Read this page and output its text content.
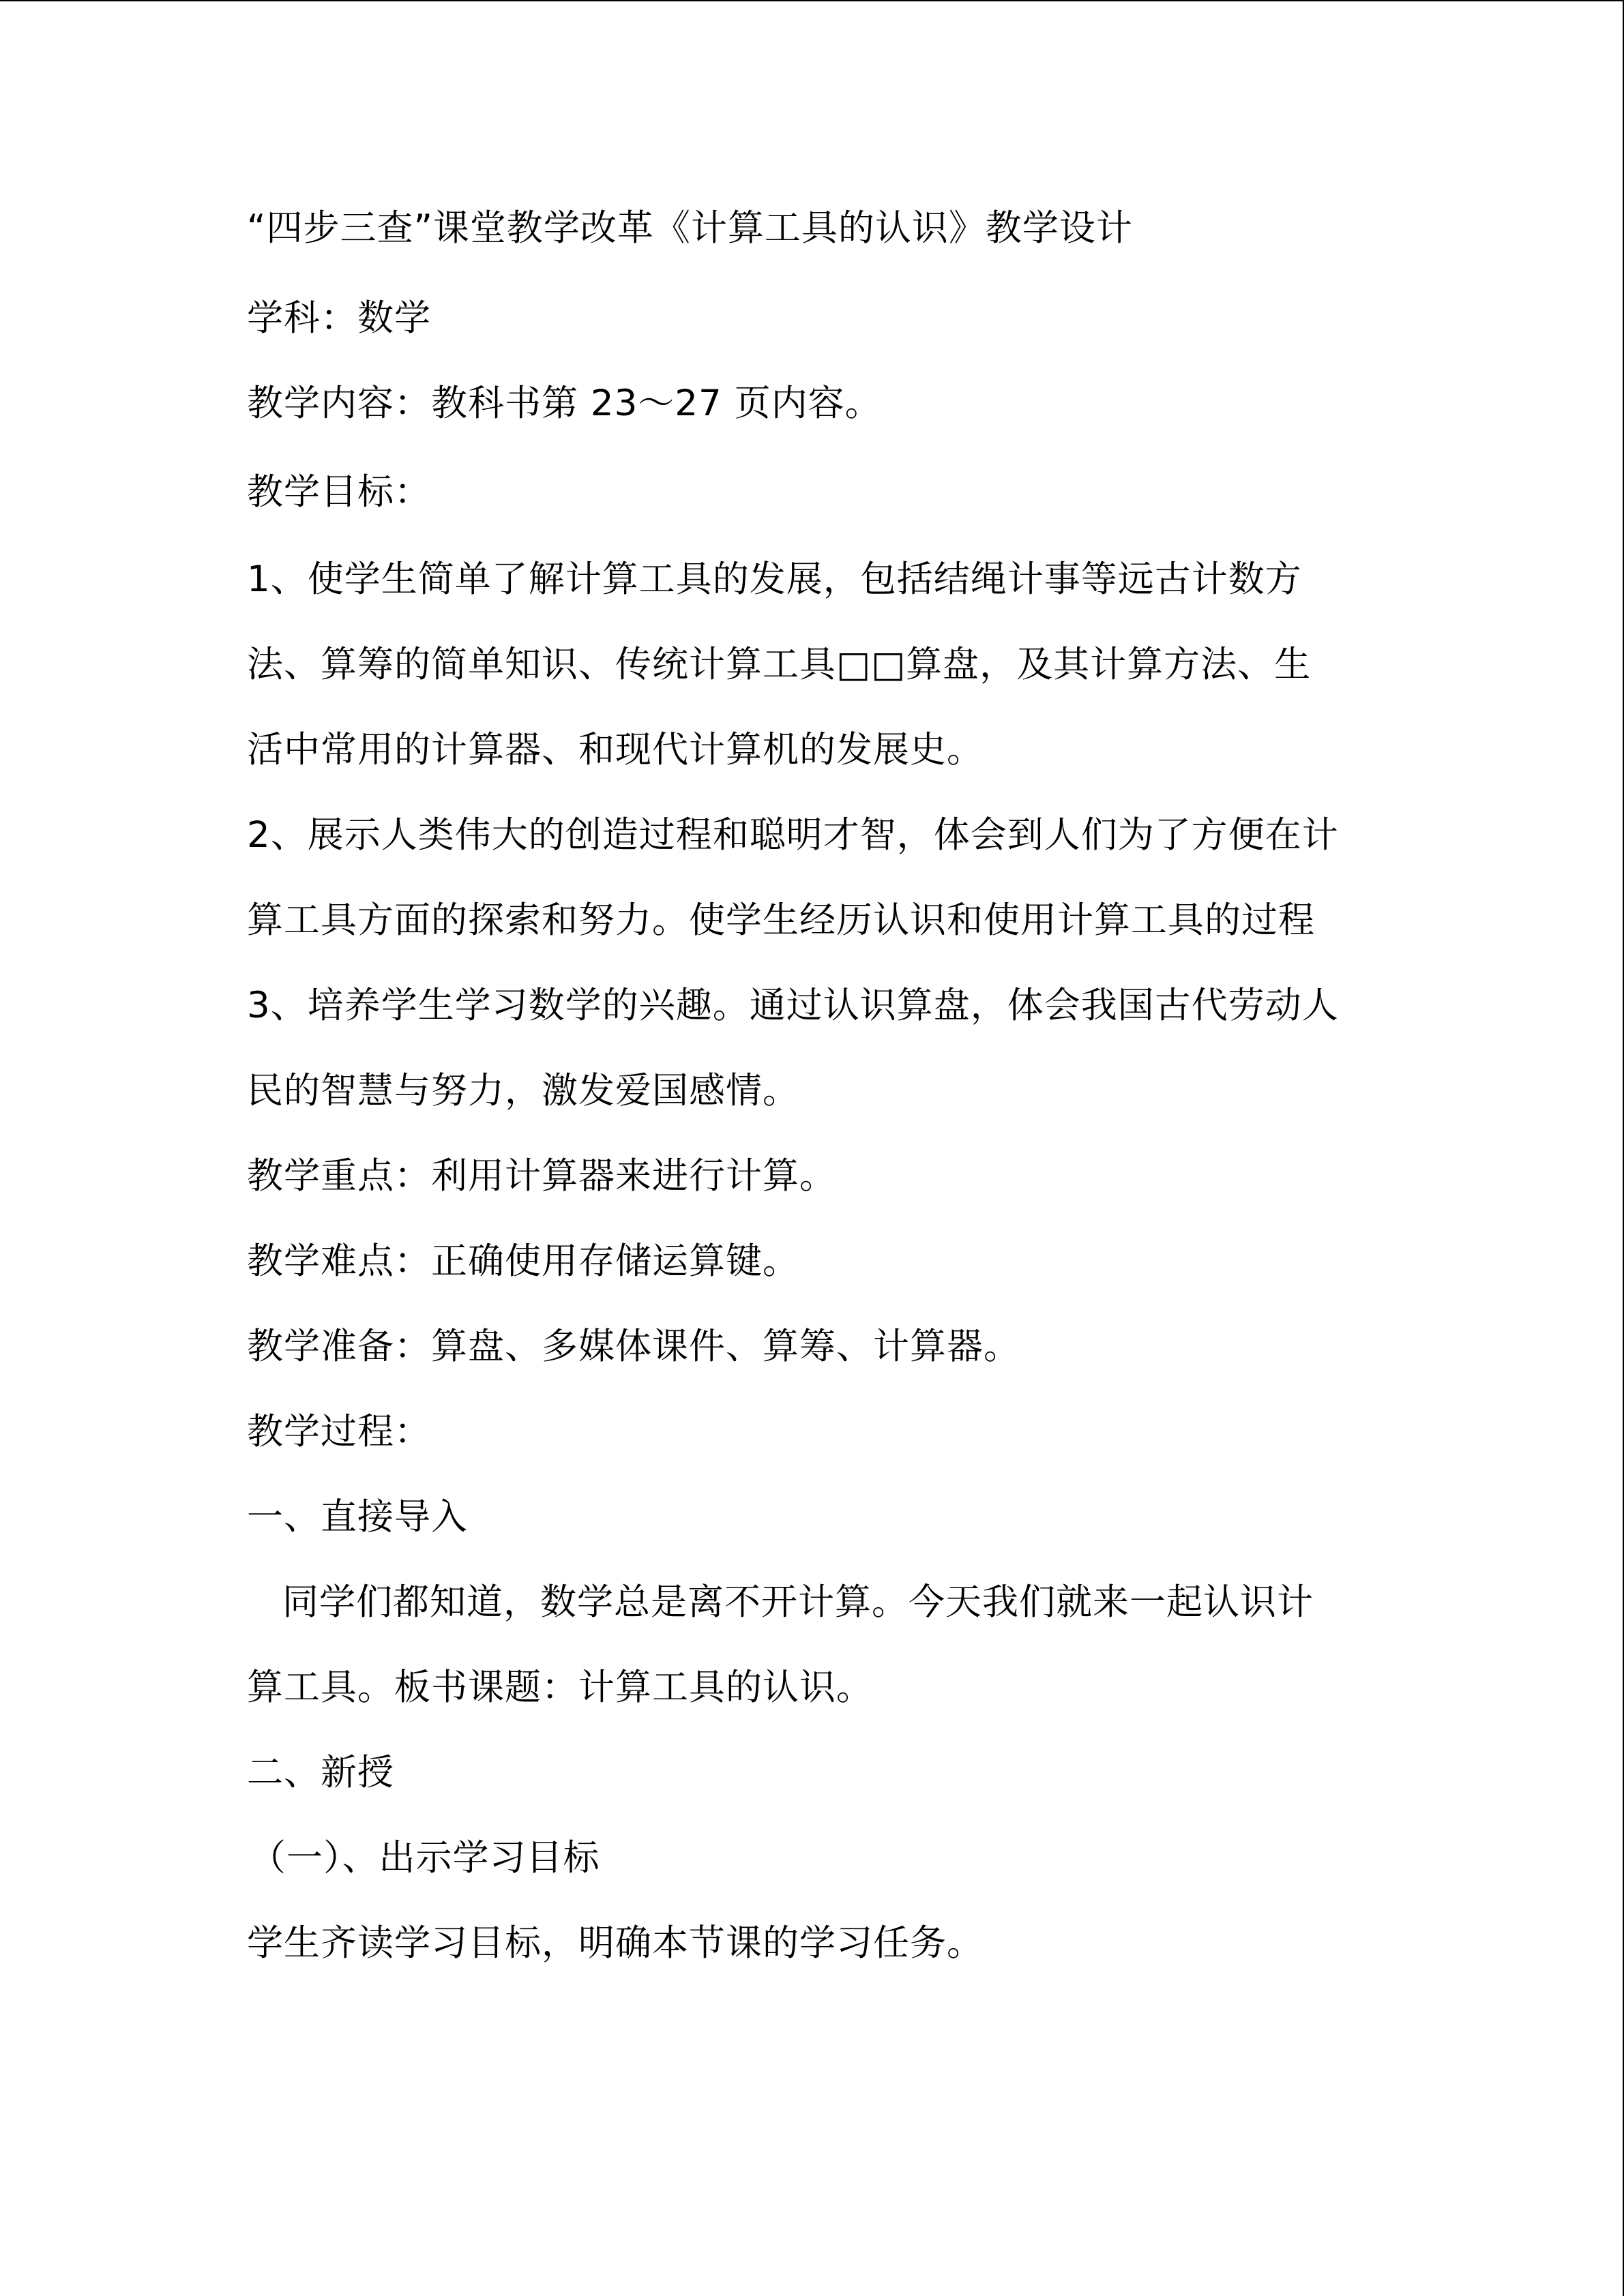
“四步三查”课堂教学改革《计算工具的认识》教学设计
学科：数学
教学内容：教科书第 23～27 页内容。
教学目标：
1、使学生简单了解计算工具的发展，包括结绳计事等远古计数方
法、算筹的简单知识、传统计算工具□□算盘，及其计算方法、生
活中常用的计算器、和现代计算机的发展史。
2、展示人类伟大的创造过程和聪明才智，体会到人们为了方便在计
算工具方面的探索和努力。使学生经历认识和使用计算工具的过程
3、培养学生学习数学的兴趣。通过认识算盘，体会我国古代劳动人
民的智慧与努力，激发爱国感情。
教学重点：利用计算器来进行计算。
教学难点：正确使用存储运算键。
教学准备：算盘、多媒体课件、算筹、计算器。
教学过程：
一、直接导入
同学们都知道，数学总是离不开计算。今天我们就来一起认识计
算工具。板书课题：计算工具的认识。
二、新授
（一）、出示学习目标
学生齐读学习目标，明确本节课的学习任务。
